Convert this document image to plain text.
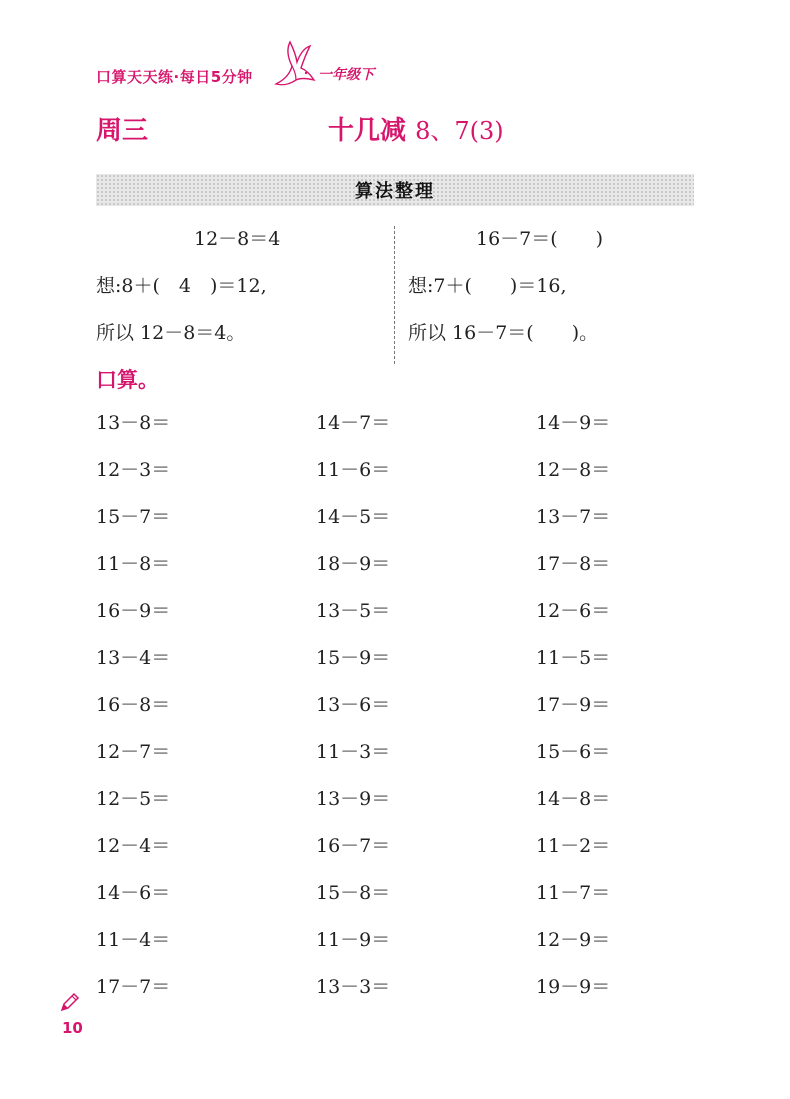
口算天天练·每日5分钟	一年级下
周三	十几减 8、7(3)
算法整理
12－8＝4
想:8＋(　4　)＝12,
所以 12－8＝4。
16－7＝(　　)
想:7＋(　　)＝16,
所以 16－7＝(　　)。
口算。
13－8＝	14－7＝	14－9＝
12－3＝	11－6＝	12－8＝
15－7＝	14－5＝	13－7＝
11－8＝	18－9＝	17－8＝
16－9＝	13－5＝	12－6＝
13－4＝	15－9＝	11－5＝
16－8＝	13－6＝	17－9＝
12－7＝	11－3＝	15－6＝
12－5＝	13－9＝	14－8＝
12－4＝	16－7＝	11－2＝
14－6＝	15－8＝	11－7＝
11－4＝	11－9＝	12－9＝
17－7＝	13－3＝	19－9＝
10
